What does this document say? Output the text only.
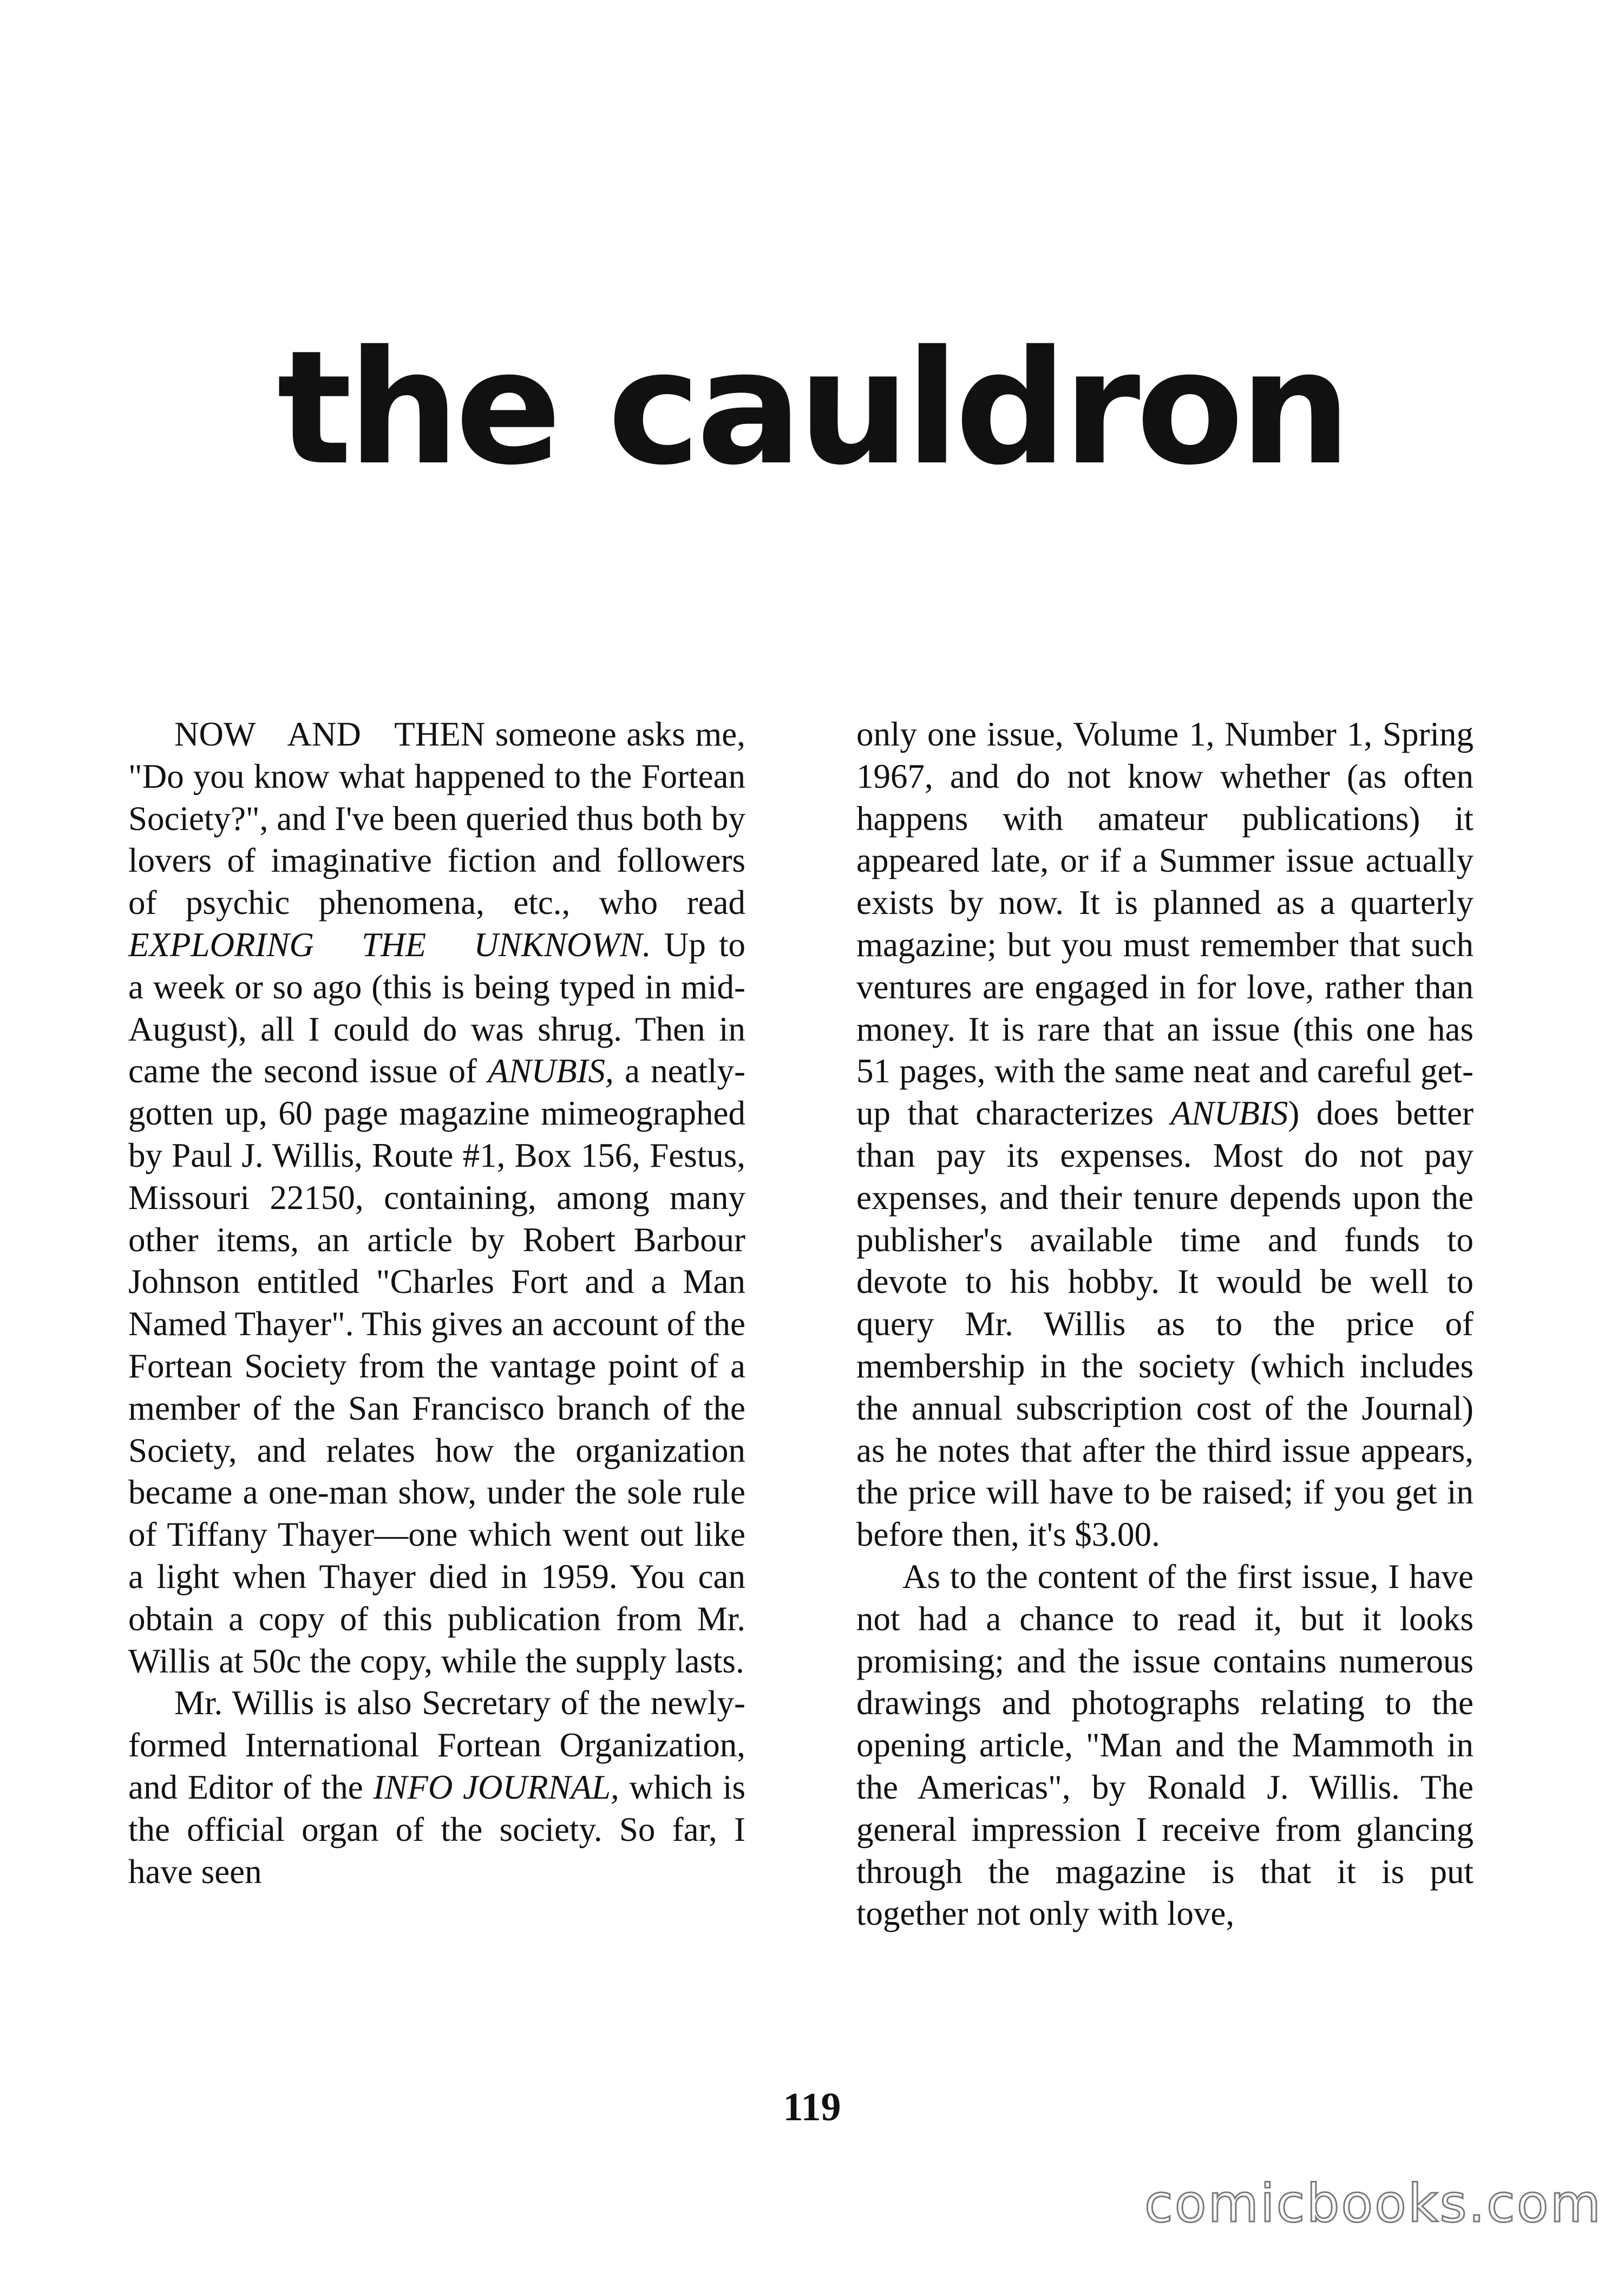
the cauldron

NOW AND THEN someone asks me, "Do you know what happened to the Fortean Society?", and I've been queried thus both by lovers of imaginative fiction and followers of psychic phenomena, etc., who read EXPLORING THE UNKNOWN. Up to a week or so ago (this is being typed in mid-August), all I could do was shrug. Then in came the second issue of ANUBIS, a neatly-gotten up, 60 page magazine mimeographed by Paul J. Willis, Route #1, Box 156, Festus, Missouri 22150, containing, among many other items, an article by Robert Barbour Johnson entitled "Charles Fort and a Man Named Thayer". This gives an account of the Fortean Society from the vantage point of a member of the San Francisco branch of the Society, and relates how the organization became a one-man show, under the sole rule of Tiffany Thayer—one which went out like a light when Thayer died in 1959. You can obtain a copy of this publication from Mr. Willis at 50c the copy, while the supply lasts.

Mr. Willis is also Secretary of the newly-formed International Fortean Organization, and Editor of the INFO JOURNAL, which is the official organ of the society. So far, I have seen

only one issue, Volume 1, Number 1, Spring 1967, and do not know whether (as often happens with amateur publications) it appeared late, or if a Summer issue actually exists by now. It is planned as a quarterly magazine; but you must remember that such ventures are engaged in for love, rather than money. It is rare that an issue (this one has 51 pages, with the same neat and careful get-up that characterizes ANUBIS) does better than pay its expenses. Most do not pay expenses, and their tenure depends upon the publisher's available time and funds to devote to his hobby. It would be well to query Mr. Willis as to the price of membership in the society (which includes the annual subscription cost of the Journal) as he notes that after the third issue appears, the price will have to be raised; if you get in before then, it's $3.00.

As to the content of the first issue, I have not had a chance to read it, but it looks promising; and the issue contains numerous drawings and photographs relating to the opening article, "Man and the Mammoth in the Americas", by Ronald J. Willis. The general impression I receive from glancing through the magazine is that it is put together not only with love,

119
comicbooks.com
